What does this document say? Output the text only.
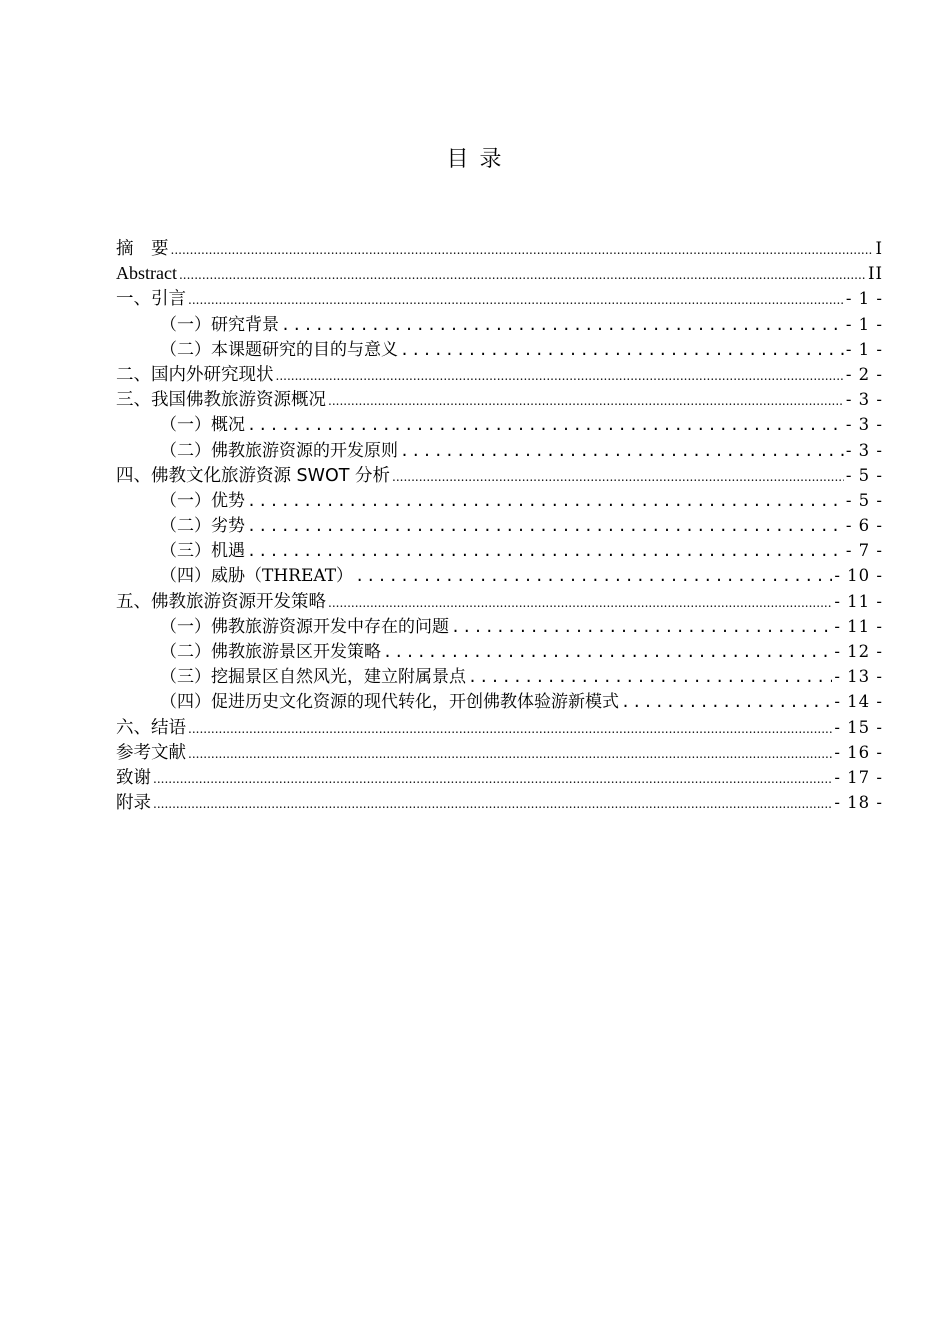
目 录
摘　要 .....	I
Abstract .....	II
一、引言 .....	- 1 -
（一）研究背景 .....	- 1 -
（二）本课题研究的目的与意义 .....	- 1 -
二、国内外研究现状 .....	- 2 -
三、我国佛教旅游资源概况 .....	- 3 -
（一）概况 .....	- 3 -
（二）佛教旅游资源的开发原则 .....	- 3 -
四、佛教文化旅游资源 SWOT 分析 .....	- 5 -
（一）优势 .....	- 5 -
（二）劣势 .....	- 6 -
（三）机遇 .....	- 7 -
（四）威胁（THREAT） .....	- 10 -
五、佛教旅游资源开发策略 .....	- 11 -
（一）佛教旅游资源开发中存在的问题 .....	- 11 -
（二）佛教旅游景区开发策略 .....	- 12 -
（三）挖掘景区自然风光，建立附属景点 .....	- 13 -
（四）促进历史文化资源的现代转化，开创佛教体验游新模式 .....	- 14 -
六、结语 .....	- 15 -
参考文献 .....	- 16 -
致谢 .....	- 17 -
附录 .....	- 18 -
